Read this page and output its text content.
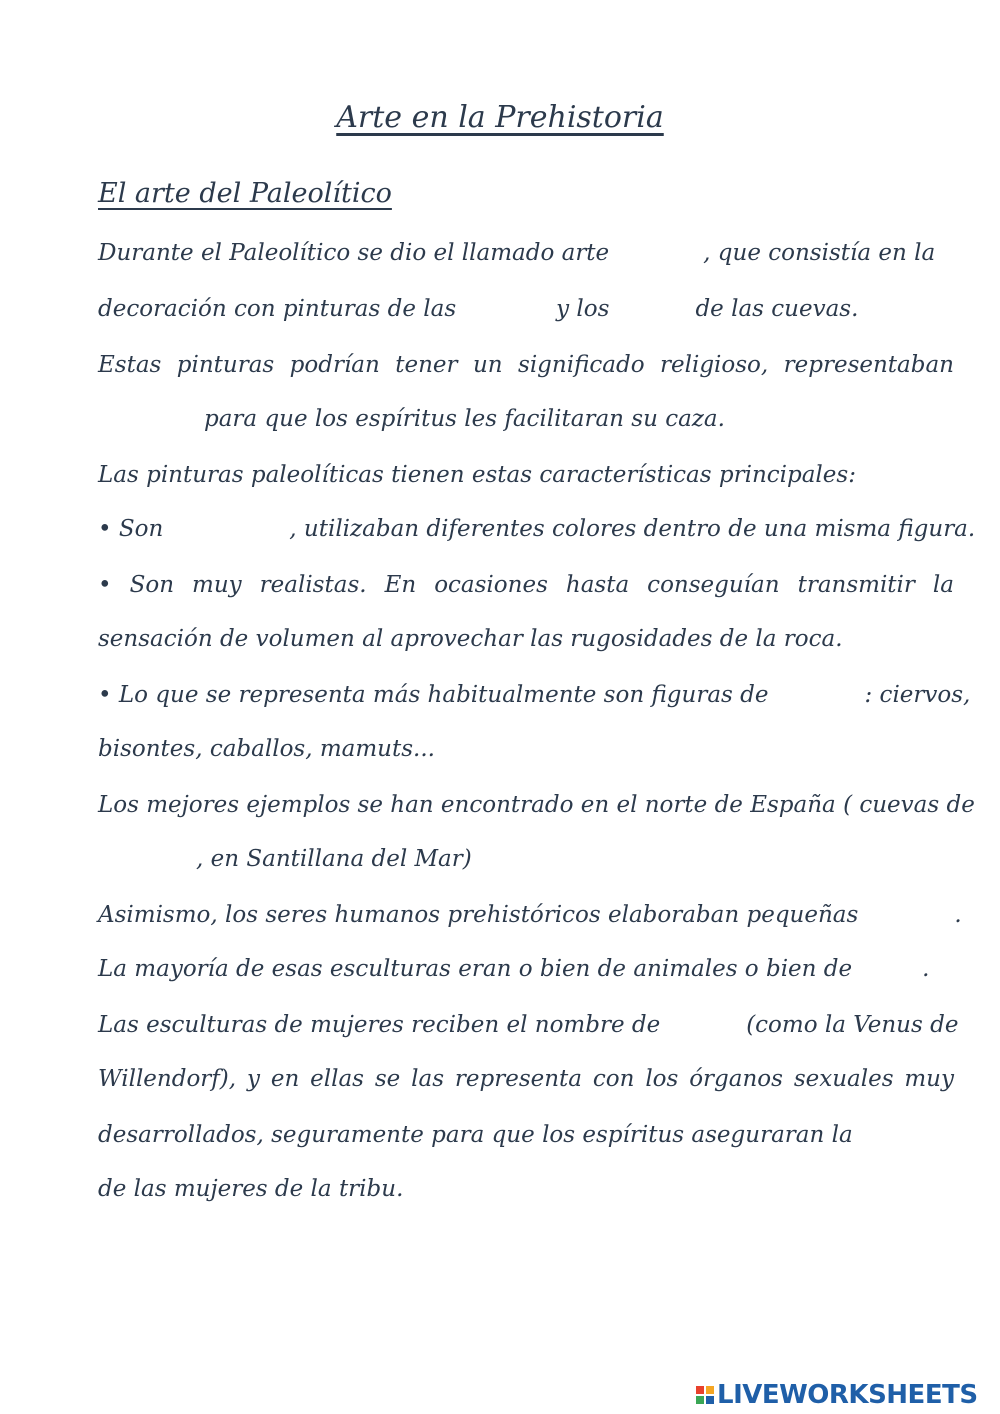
Arte en la Prehistoria
El arte del Paleolítico
Durante el Paleolítico se dio el llamado arte	, que consistía en la
decoración con pinturas de las	y los	de las cuevas.
Estas pinturas podrían tener un significado religioso, representaban
para que los espíritus les facilitaran su caza.
Las pinturas paleolíticas tienen estas características principales:
• Son	, utilizaban diferentes colores dentro de una misma figura.
• Son muy realistas. En ocasiones hasta conseguían transmitir la
sensación de volumen al aprovechar las rugosidades de la roca.
• Lo que se representa más habitualmente son figuras de	: ciervos,
bisontes, caballos, mamuts...
Los mejores ejemplos se han encontrado en el norte de España ( cuevas de
, en Santillana del Mar)
Asimismo, los seres humanos prehistóricos elaboraban pequeñas	.
La mayoría de esas esculturas eran o bien de animales o bien de	.
Las esculturas de mujeres reciben el nombre de	(como la Venus de
Willendorf), y en ellas se las representa con los órganos sexuales muy
desarrollados, seguramente para que los espíritus aseguraran la
de las mujeres de la tribu.
LIVEWORKSHEETS
